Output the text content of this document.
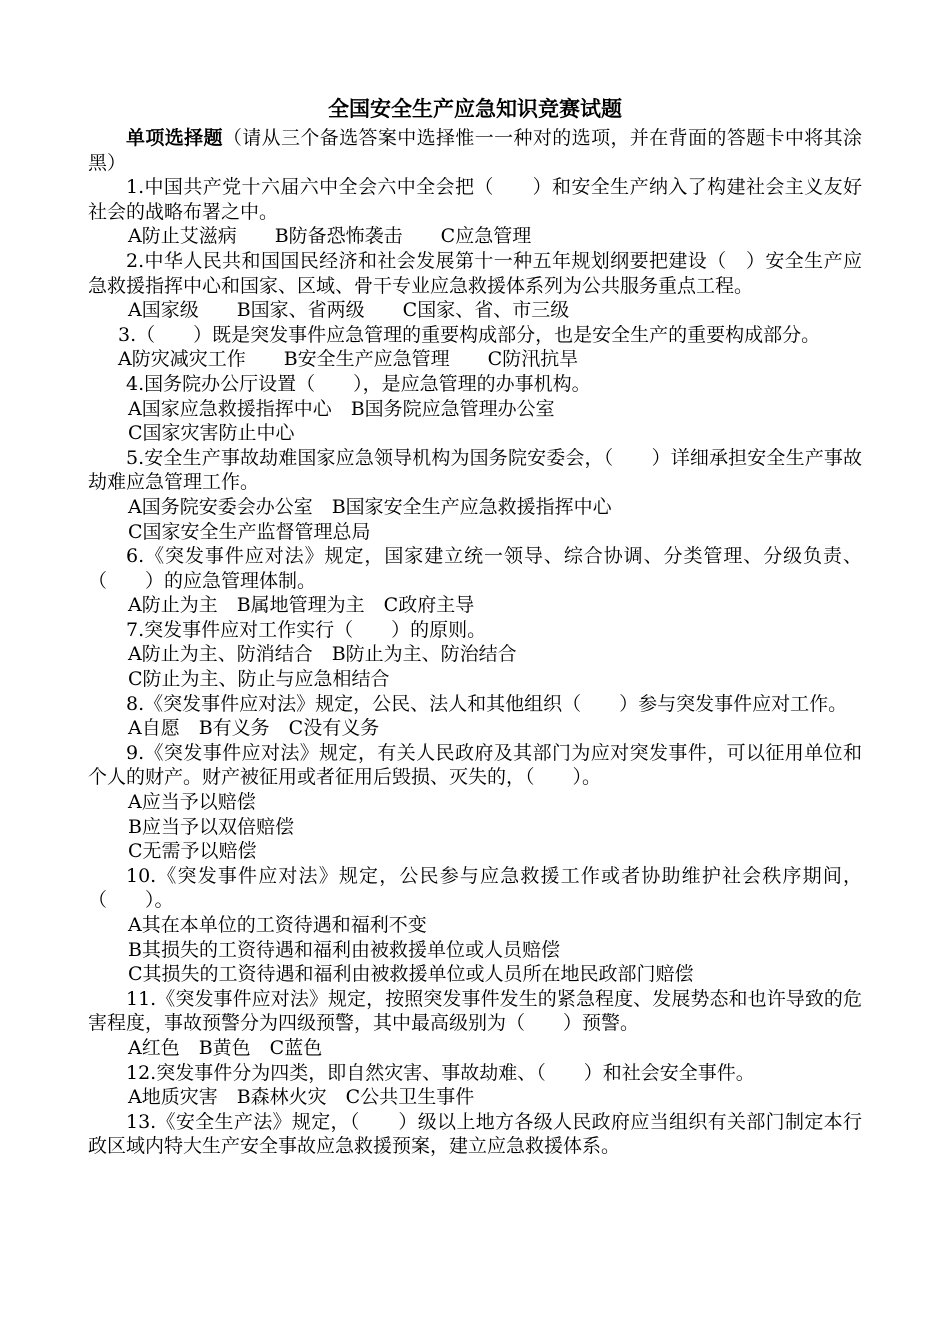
全国安全生产应急知识竞赛试题
单项选择题（请从三个备选答案中选择惟一一种对的选项，并在背面的答题卡中将其涂黑）
1.中国共产党十六届六中全会六中全会把（　　）和安全生产纳入了构建社会主义友好社会的战略布署之中。
A防止艾滋病　　B防备恐怖袭击　　C应急管理
2.中华人民共和国国民经济和社会发展第十一种五年规划纲要把建设（　）安全生产应急救援指挥中心和国家、区域、骨干专业应急救援体系列为公共服务重点工程。
A国家级　　B国家、省两级　　C国家、省、市三级
3.（　　）既是突发事件应急管理的重要构成部分，也是安全生产的重要构成部分。
A防灾减灾工作　　B安全生产应急管理　　C防汛抗旱
4.国务院办公厅设置（　　），是应急管理的办事机构。
A国家应急救援指挥中心　B国务院应急管理办公室
C国家灾害防止中心
5.安全生产事故劫难国家应急领导机构为国务院安委会，（　　）详细承担安全生产事故劫难应急管理工作。
A国务院安委会办公室　B国家安全生产应急救援指挥中心
C国家安全生产监督管理总局
6.《突发事件应对法》规定，国家建立统一领导、综合协调、分类管理、分级负责、（　　）的应急管理体制。
A防止为主　B属地管理为主　C政府主导
7.突发事件应对工作实行（　　）的原则。
A防止为主、防消结合　B防止为主、防治结合
C防止为主、防止与应急相结合
8.《突发事件应对法》规定，公民、法人和其他组织（　　）参与突发事件应对工作。
A自愿　B有义务　C没有义务
9.《突发事件应对法》规定，有关人民政府及其部门为应对突发事件，可以征用单位和个人的财产。财产被征用或者征用后毁损、灭失的，（　　）。
A应当予以赔偿
B应当予以双倍赔偿
C无需予以赔偿
10.《突发事件应对法》规定，公民参与应急救援工作或者协助维护社会秩序期间，（　　）。
A其在本单位的工资待遇和福利不变
B其损失的工资待遇和福利由被救援单位或人员赔偿
C其损失的工资待遇和福利由被救援单位或人员所在地民政部门赔偿
11.《突发事件应对法》规定，按照突发事件发生的紧急程度、发展势态和也许导致的危害程度，事故预警分为四级预警，其中最高级别为（　　）预警。
A红色　B黄色　C蓝色
12.突发事件分为四类，即自然灾害、事故劫难、（　　）和社会安全事件。
A地质灾害　B森林火灾　C公共卫生事件
13.《安全生产法》规定，（　　）级以上地方各级人民政府应当组织有关部门制定本行政区域内特大生产安全事故应急救援预案，建立应急救援体系。
